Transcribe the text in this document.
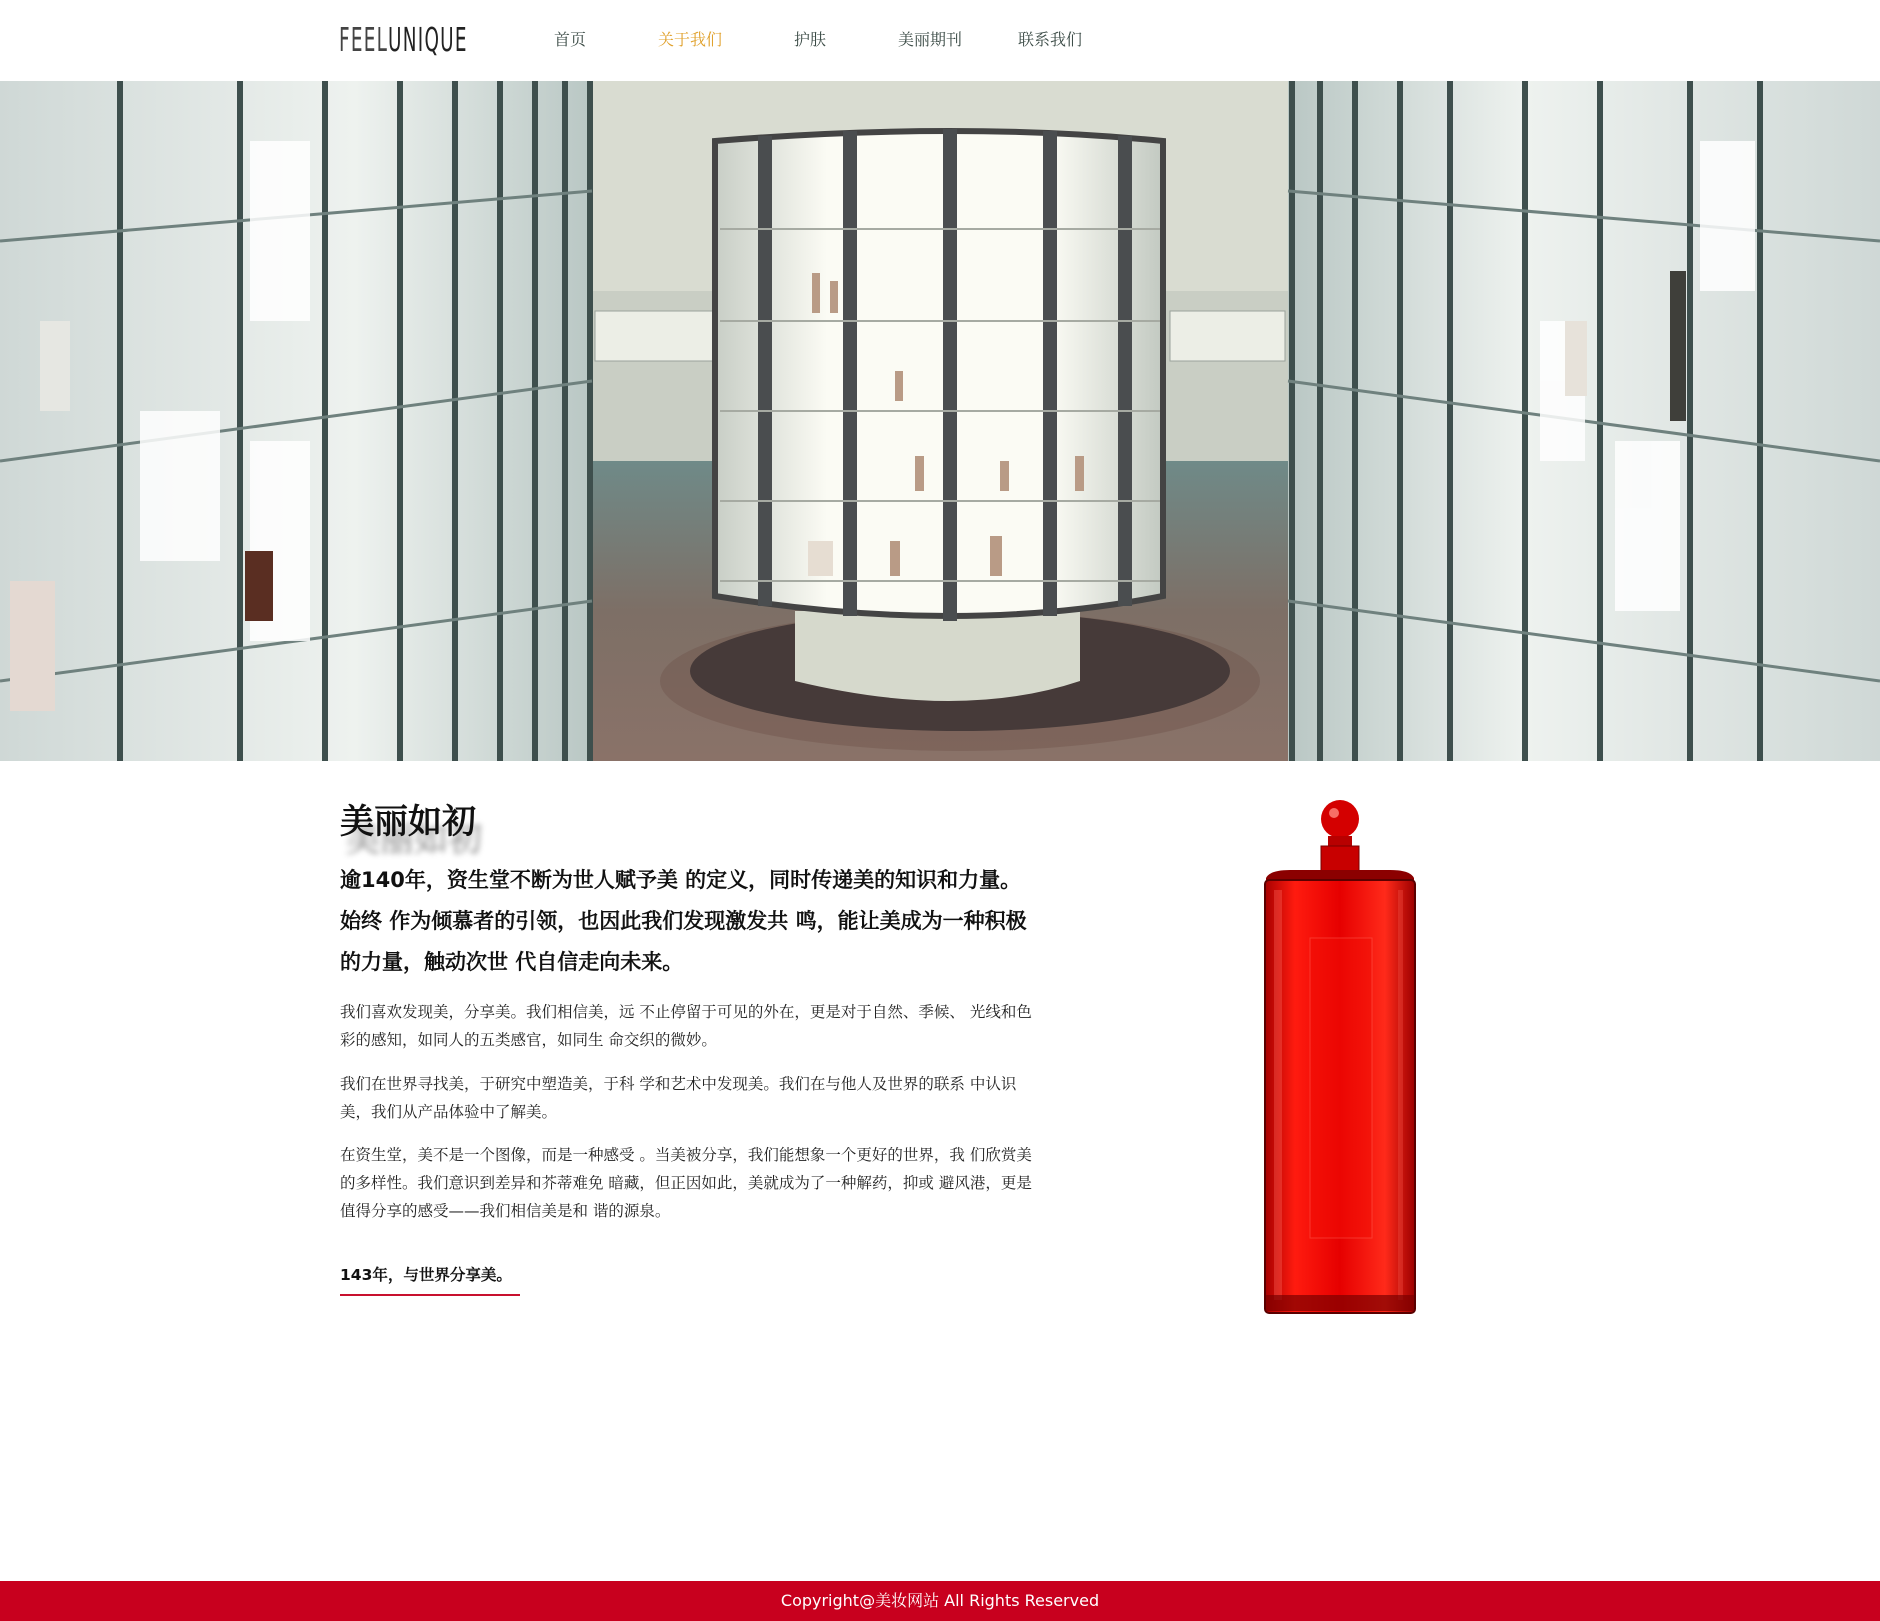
FEELUNIQUE	首页	关于我们	护肤	美丽期刊	联系我们
美丽如初
逾140年，资生堂不断为世人赋予美 的定义，同时传递美的知识和力量。始终 作为倾慕者的引领，也因此我们发现激发共 鸣，能让美成为一种积极的力量，触动次世 代自信走向未来。
我们喜欢发现美，分享美。我们相信美，远 不止停留于可见的外在，更是对于自然、季候、 光线和色彩的感知，如同人的五类感官，如同生 命交织的微妙。
我们在世界寻找美，于研究中塑造美，于科 学和艺术中发现美。我们在与他人及世界的联系 中认识美，我们从产品体验中了解美。
在资生堂，美不是一个图像，而是一种感受 。当美被分享，我们能想象一个更好的世界，我 们欣赏美的多样性。我们意识到差异和芥蒂难免 暗藏，但正因如此，美就成为了一种解药，抑或 避风港，更是值得分享的感受——我们相信美是和 谐的源泉。
143年，与世界分享美。
Copyright@美妆网站 All Rights Reserved
